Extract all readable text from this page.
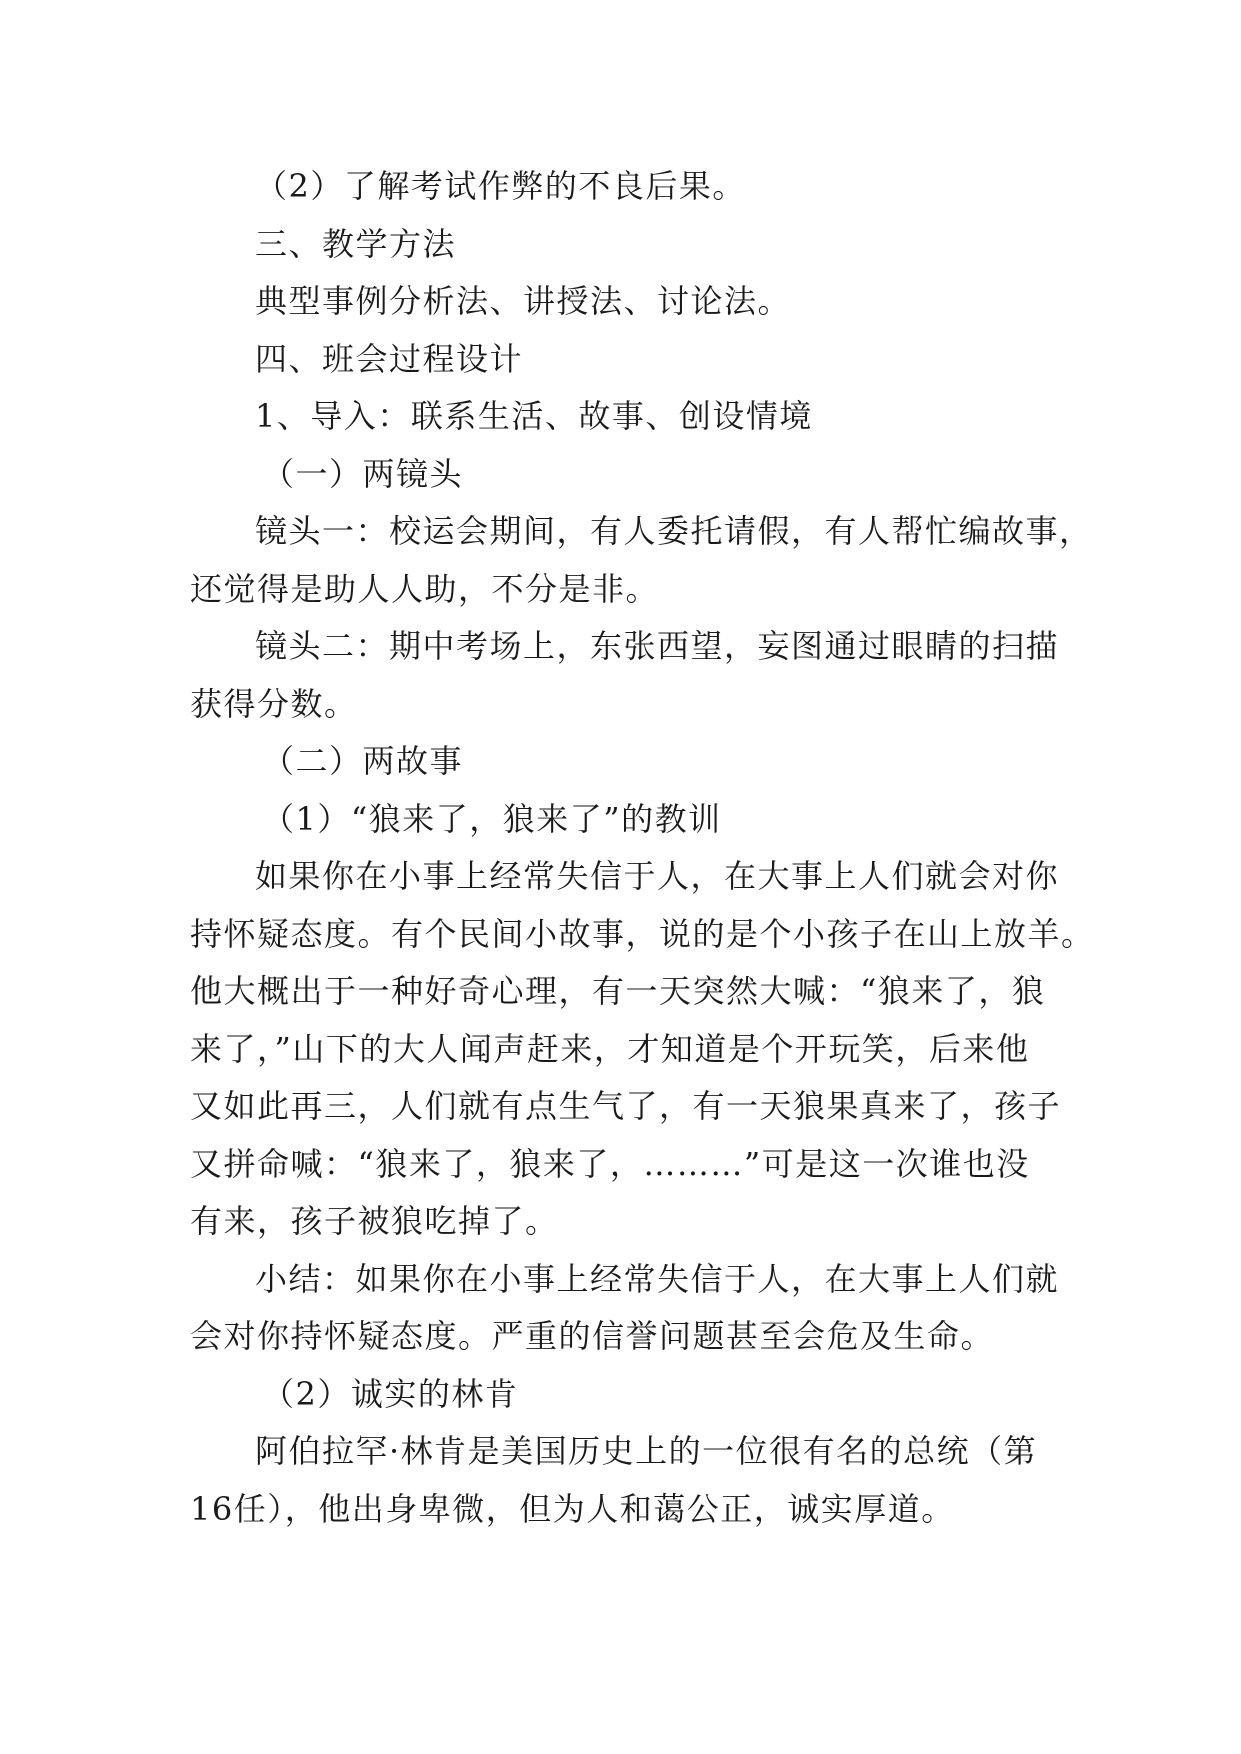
（2）了解考试作弊的不良后果。

三、教学方法

典型事例分析法、讲授法、讨论法。

四、班会过程设计

1、导入：联系生活、故事、创设情境

（一）两镜头

镜头一：校运会期间，有人委托请假，有人帮忙编故事，

还觉得是助人人助，不分是非。

镜头二：期中考场上，东张西望，妄图通过眼睛的扫描

获得分数。

（二）两故事

（1）“狼来了，狼来了”的教训

如果你在小事上经常失信于人，在大事上人们就会对你

持怀疑态度。有个民间小故事，说的是个小孩子在山上放羊。

他大概出于一种好奇心理，有一天突然大喊：“狼来了，狼

来了，”山下的大人闻声赶来，才知道是个开玩笑，后来他

又如此再三，人们就有点生气了，有一天狼果真来了，孩子

又拼命喊：“狼来了，狼来了，………”可是这一次谁也没

有来，孩子被狼吃掉了。

小结：如果你在小事上经常失信于人，在大事上人们就

会对你持怀疑态度。严重的信誉问题甚至会危及生命。

（2）诚实的林肯

阿伯拉罕·林肯是美国历史上的一位很有名的总统（第

16任），他出身卑微，但为人和蔼公正，诚实厚道。
